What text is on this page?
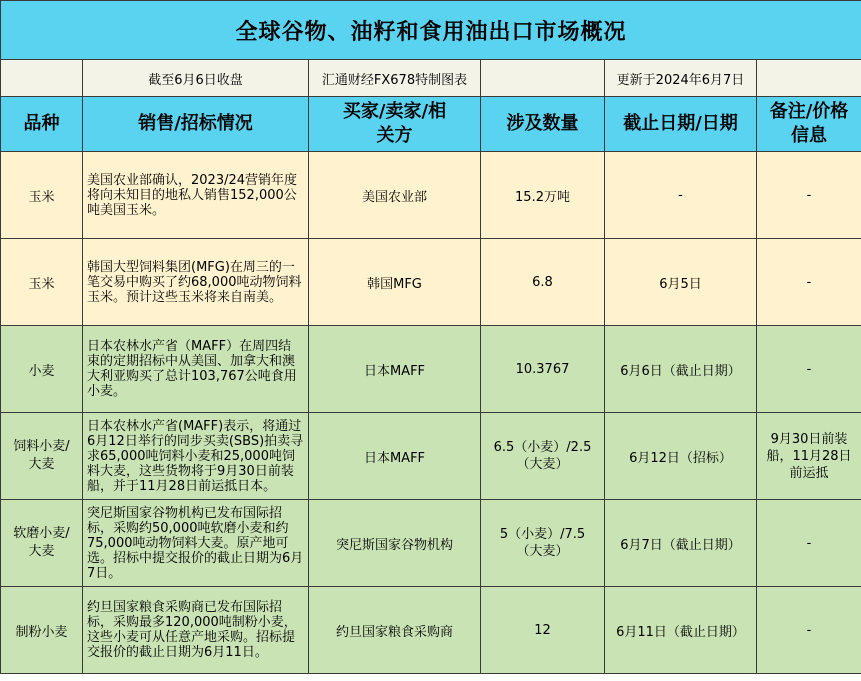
全球谷物、油籽和食用油出口市场概况					
	截至6月6日收盘	汇通财经FX678特制图表		更新于2024年6月7日	
品种	销售/招标情况	买家/卖家/相关方	涉及数量	截止日期/日期	备注/价格信息
玉米	美国农业部确认，2023/24营销年度将向未知目的地私人销售152,000公吨美国玉米。	美国农业部	15.2万吨	-	-
玉米	韩国大型饲料集团(MFG)在周三的一笔交易中购买了约68,000吨动物饲料玉米。预计这些玉米将来自南美。	韩国MFG	6.8	6月5日	-
小麦	日本农林水产省（MAFF）在周四结束的定期招标中从美国、加拿大和澳大利亚购买了总计103,767公吨食用小麦。	日本MAFF	10.3767	6月6日（截止日期）	-
饲料小麦/大麦	日本农林水产省(MAFF)表示，将通过6月12日举行的同步买卖(SBS)拍卖寻求65,000吨饲料小麦和25,000吨饲料大麦，这些货物将于9月30日前装船，并于11月28日前运抵日本。	日本MAFF	6.5（小麦）/2.5（大麦）	6月12日（招标）	9月30日前装船，11月28日前运抵
软磨小麦/大麦	突尼斯国家谷物机构已发布国际招标，采购约50,000吨软磨小麦和约75,000吨动物饲料大麦。原产地可选。招标中提交报价的截止日期为6月7日。	突尼斯国家谷物机构	5（小麦）/7.5（大麦）	6月7日（截止日期）	-
制粉小麦	约旦国家粮食采购商已发布国际招标，采购最多120,000吨制粉小麦，这些小麦可从任意产地采购。招标提交报价的截止日期为6月11日。	约旦国家粮食采购商	12	6月11日（截止日期）	-
